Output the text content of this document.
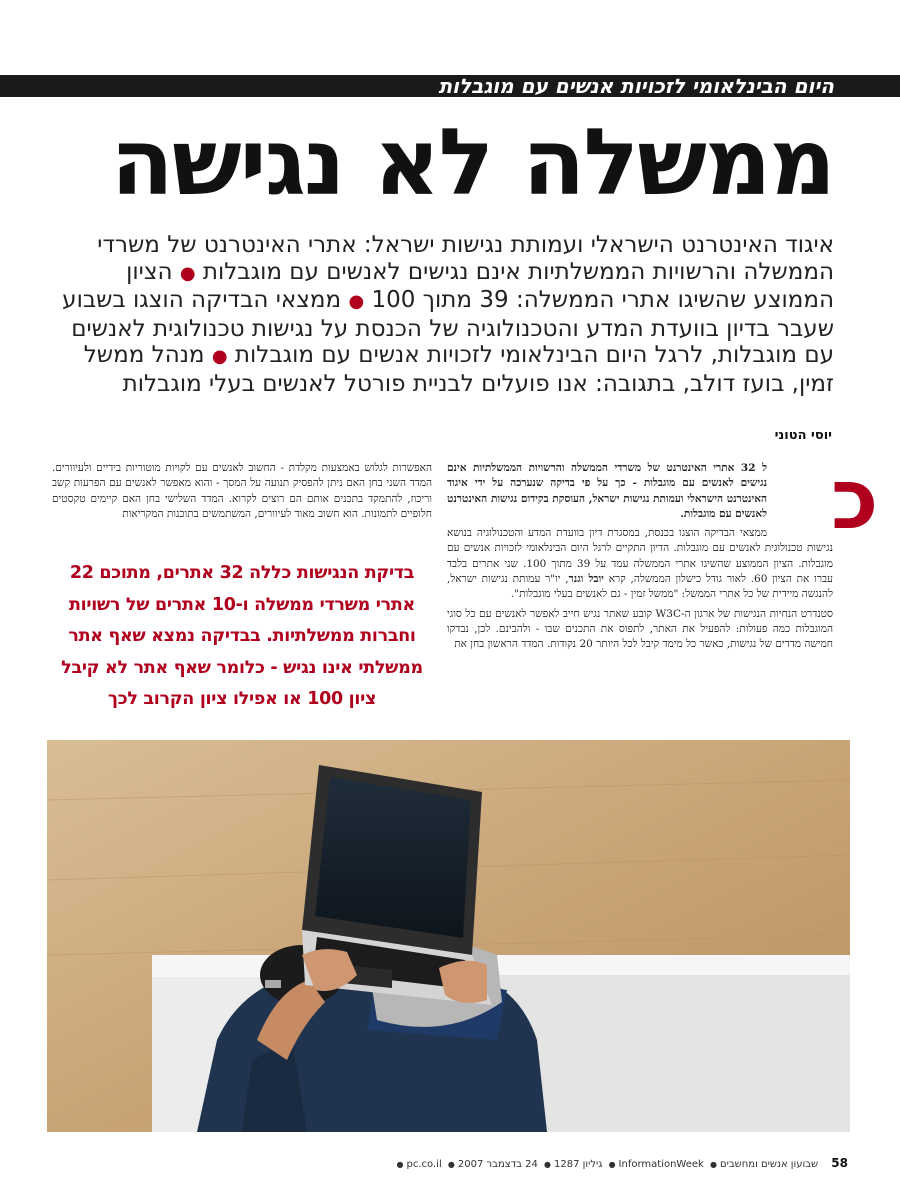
היום הבינלאומי לזכויות אנשים עם מוגבלות
ממשלה לא נגישה
איגוד האינטרנט הישראלי ועמותת נגישות ישראל: אתרי האינטרנט של משרדי הממשלה והרשויות הממשלתיות אינם נגישים לאנשים עם מוגבלות ● הציון הממוצע שהשיגו אתרי הממשלה: 39 מתוך 100 ● ממצאי הבדיקה הוצגו בשבוע שעבר בדיון בוועדת המדע והטכנולוגיה של הכנסת על נגישות טכנולוגית לאנשים עם מוגבלות, לרגל היום הבינלאומי לזכויות אנשים עם מוגבלות ● מנהל ממשל זמין, בועז דולב, בתגובה: אנו פועלים לבניית פורטל לאנשים בעלי מוגבלות
יוסי הטוני
כ

ל 32 אתרי האינטרנט של משרדי הממשלה והרשויות הממשלתיות אינם נגישים לאנשים עם מוגבלות - כך על פי בדיקה שנערכה על ידי איגוד האינטרנט הישראלי ועמותת נגישות ישראל, העוסקת בקידום נגישות האינטרנט לאנשים עם מוגבלות.

ממצאי הבדיקה הוצגו בכנסת, במסגרת דיון בוועדת המדע והטכנולוגיה בנושא נגישות טכנולוגית לאנשים עם מוגבלות. הדיון התקיים לרגל היום הבינלאומי לזכויות אנשים עם מוגבלות. הציון הממוצע שהשיגו אתרי הממשלה עמד על 39 מתוך 100. שני אתרים בלבד עברו את הציון 60. לאור גודל כישלון הממשלה, קרא יובל וגנר, יו"ר עמותת נגישות ישראל, להנגשה מיידית של כל אתרי הממשל: "ממשל זמין - גם לאנשים בעלי מוגבלות".

סטנדרט הנחיות הנגישות של ארגון ה-W3C קובע שאתר נגיש חייב לאפשר לאנשים עם כל סוגי המוגבלות כמה פעולות: להפעיל את האתר, לתפוס את התכנים שבו - ולהבינם. לכן, נבדקו חמישה מדדים של נגישות, כאשר כל מימד קיבל לכל היותר 20 נקודות. המדד הראשון בחן את

האפשרות לגלוש באמצעות מקלדת - החשוב לאנשים עם לקויות מוטוריות בידיים ולעיוורים. המדד השני בחן האם ניתן להפסיק תנועה על המסך - והוא מאפשר לאנשים עם הפרעות קשב וריכוז, להתמקד בתכנים אותם הם רוצים לקרוא. המדד השלישי בחן האם קיימים טקסטים חלופיים לתמונות. הוא חשוב מאוד לעיוורים, המשתמשים בתוכנות המקריאות

בדיקת הנגישות כללה 32 אתרים, מתוכם 22 אתרי משרדי ממשלה ו-10 אתרים של רשויות וחברות ממשלתיות. בבדיקה נמצא שאף אתר ממשלתי אינו נגיש - כלומר שאף אתר לא קיבל ציון 100 או אפילו ציון הקרוב לכך
58 שבועון אנשים ומחשבים● InformationWeek● גיליון 1287● 24 בדצמבר 2007● pc.co.il●
